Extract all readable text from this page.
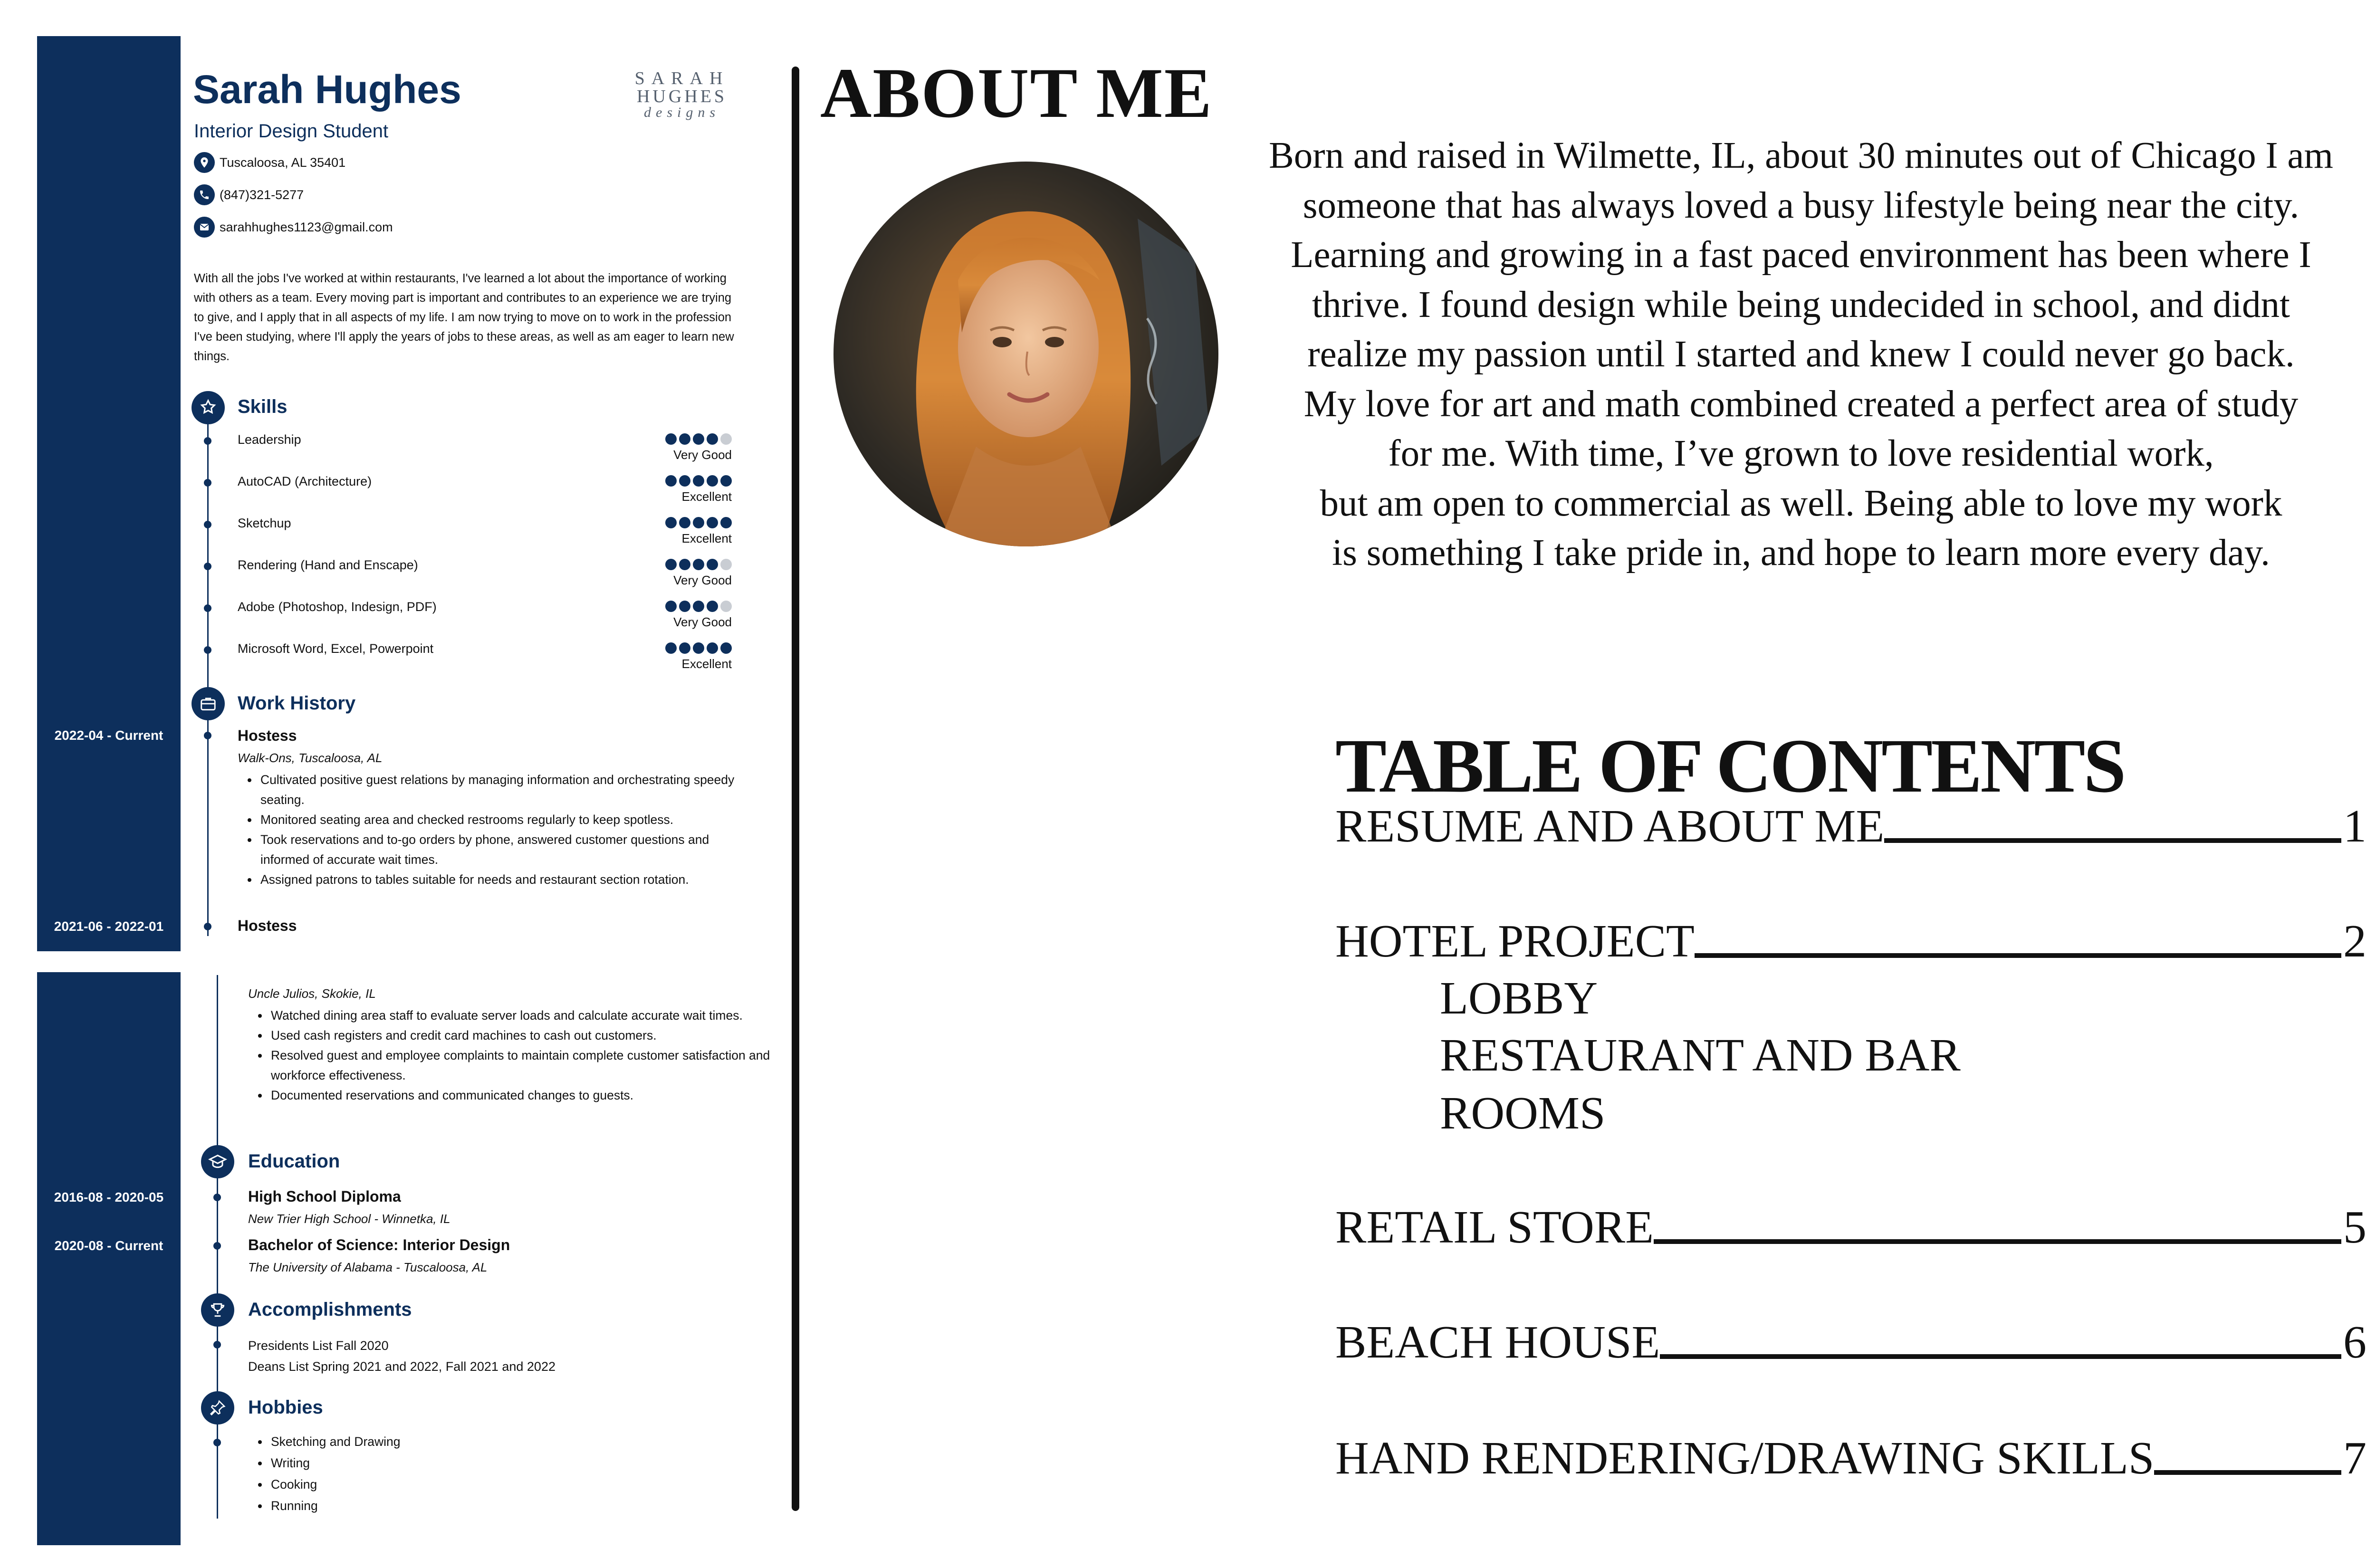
Sarah Hughes
Interior Design Student
SARAH
HUGHES
designs
Tuscaloosa, AL 35401
(847)321-5277
sarahhughes1123@gmail.com
With all the jobs I've worked at within restaurants, I've learned a lot about the importance of working with others as a team. Every moving part is important and contributes to an experience we are trying to give, and I apply that in all aspects of my life. I am now trying to move on to work in the profession I've been studying, where I'll apply the years of jobs to these areas, as well as am eager to learn new things.
Skills
Leadership
Very Good
AutoCAD (Architecture)
Excellent
Sketchup
Excellent
Rendering (Hand and Enscape)
Very Good
Adobe (Photoshop, Indesign, PDF)
Very Good
Microsoft Word, Excel, Powerpoint
Excellent
Work History
2022-04 - Current	Hostess
Walk-Ons, Tuscaloosa, AL
• Cultivated positive guest relations by managing information and orchestrating speedy seating.
• Monitored seating area and checked restrooms regularly to keep spotless.
• Took reservations and to-go orders by phone, answered customer questions and informed of accurate wait times.
• Assigned patrons to tables suitable for needs and restaurant section rotation.
2021-06 - 2022-01	Hostess
Uncle Julios, Skokie, IL
• Watched dining area staff to evaluate server loads and calculate accurate wait times.
• Used cash registers and credit card machines to cash out customers.
• Resolved guest and employee complaints to maintain complete customer satisfaction and workforce effectiveness.
• Documented reservations and communicated changes to guests.
Education
2016-08 - 2020-05	High School Diploma
New Trier High School - Winnetka, IL
2020-08 - Current	Bachelor of Science: Interior Design
The University of Alabama - Tuscaloosa, AL
Accomplishments
Presidents List Fall 2020
Deans List Spring 2021 and 2022, Fall 2021 and 2022
Hobbies
• Sketching and Drawing
• Writing
• Cooking
• Running
ABOUT ME
Born and raised in Wilmette, IL, about 30 minutes out of Chicago I am
someone that has always loved a busy lifestyle being near the city.
Learning and growing in a fast paced environment has been where I
thrive. I found design while being undecided in school, and didnt
realize my passion until I started and knew I could never go back.
My love for art and math combined created a perfect area of study
for me. With time, I’ve grown to love residential work,
but am open to commercial as well. Being able to love my work
is something I take pride in, and hope to learn more every day.
TABLE OF CONTENTS
RESUME AND ABOUT ME	1
HOTEL PROJECT	2
LOBBY
RESTAURANT AND BAR
ROOMS
RETAIL STORE	5
BEACH HOUSE	6
HAND RENDERING/DRAWING SKILLS	7
